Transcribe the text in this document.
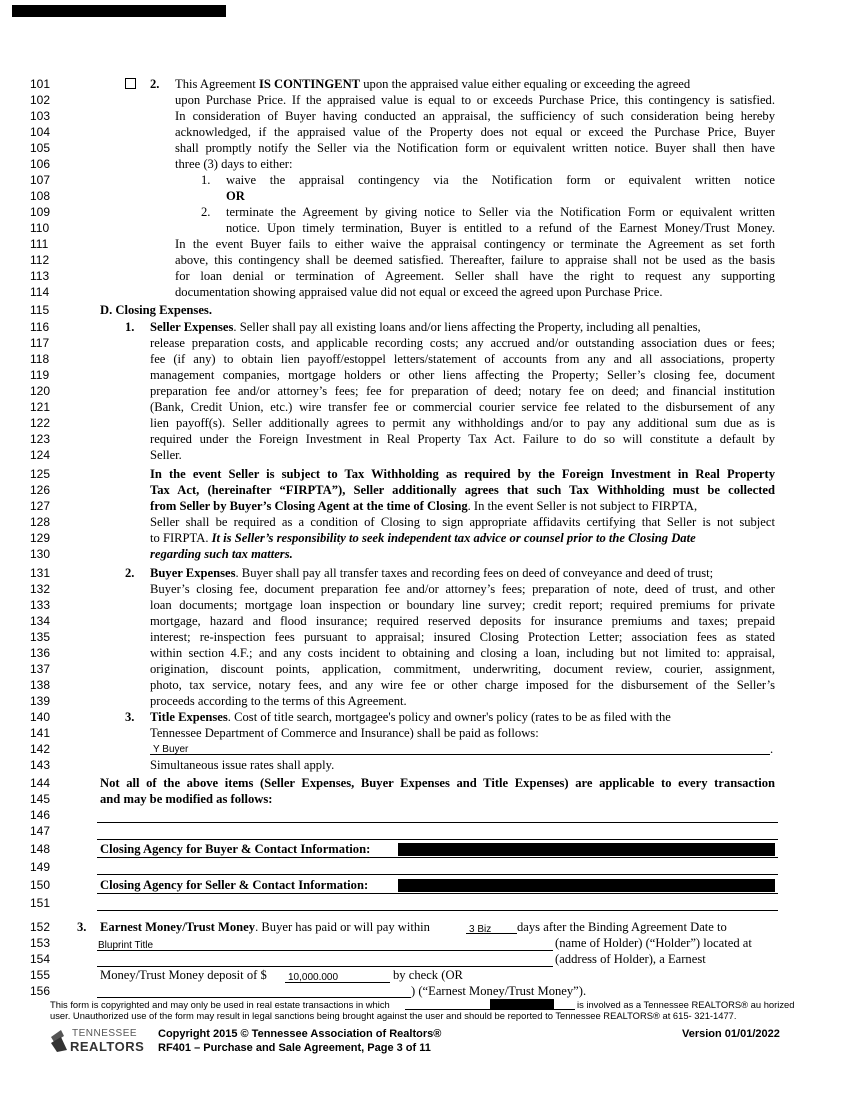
101	2. This Agreement IS CONTINGENT upon the appraised value either equaling or exceeding the agreed
102	upon Purchase Price. If the appraised value is equal to or exceeds Purchase Price, this contingency is satisfied.
103	In consideration of Buyer having conducted an appraisal, the sufficiency of such consideration being hereby
104	acknowledged, if the appraised value of the Property does not equal or exceed the Purchase Price, Buyer
105	shall promptly notify the Seller via the Notification form or equivalent written notice. Buyer shall then have
106	three (3) days to either:
107	1. waive the appraisal contingency via the Notification form or equivalent written notice
108	OR
109	2. terminate the Agreement by giving notice to Seller via the Notification Form or equivalent written
110	notice. Upon timely termination, Buyer is entitled to a refund of the Earnest Money/Trust Money.
111	In the event Buyer fails to either waive the appraisal contingency or terminate the Agreement as set forth
112	above, this contingency shall be deemed satisfied. Thereafter, failure to appraise shall not be used as the basis
113	for loan denial or termination of Agreement. Seller shall have the right to request any supporting
114	documentation showing appraised value did not equal or exceed the agreed upon Purchase Price.
115	D. Closing Expenses.
116	1. Seller Expenses. Seller shall pay all existing loans and/or liens affecting the Property, including all penalties,
117	release preparation costs, and applicable recording costs; any accrued and/or outstanding association dues or fees;
118	fee (if any) to obtain lien payoff/estoppel letters/statement of accounts from any and all associations, property
119	management companies, mortgage holders or other liens affecting the Property; Seller’s closing fee, document
120	preparation fee and/or attorney’s fees; fee for preparation of deed; notary fee on deed; and financial institution
121	(Bank, Credit Union, etc.) wire transfer fee or commercial courier service fee related to the disbursement of any
122	lien payoff(s). Seller additionally agrees to permit any withholdings and/or to pay any additional sum due as is
123	required under the Foreign Investment in Real Property Tax Act. Failure to do so will constitute a default by
124	Seller.
125	In the event Seller is subject to Tax Withholding as required by the Foreign Investment in Real Property
126	Tax Act, (hereinafter “FIRPTA”), Seller additionally agrees that such Tax Withholding must be collected
127	from Seller by Buyer’s Closing Agent at the time of Closing. In the event Seller is not subject to FIRPTA,
128	Seller shall be required as a condition of Closing to sign appropriate affidavits certifying that Seller is not subject
129	to FIRPTA. It is Seller’s responsibility to seek independent tax advice or counsel prior to the Closing Date
130	regarding such tax matters.
131	2. Buyer Expenses. Buyer shall pay all transfer taxes and recording fees on deed of conveyance and deed of trust;
132	Buyer’s closing fee, document preparation fee and/or attorney’s fees; preparation of note, deed of trust, and other
133	loan documents; mortgage loan inspection or boundary line survey; credit report; required premiums for private
134	mortgage, hazard and flood insurance; required reserved deposits for insurance premiums and taxes; prepaid
135	interest; re-inspection fees pursuant to appraisal; insured Closing Protection Letter; association fees as stated
136	within section 4.F.; and any costs incident to obtaining and closing a loan, including but not limited to: appraisal,
137	origination, discount points, application, commitment, underwriting, document review, courier, assignment,
138	photo, tax service, notary fees, and any wire fee or other charge imposed for the disbursement of the Seller’s
139	proceeds according to the terms of this Agreement.
140	3. Title Expenses. Cost of title search, mortgagee's policy and owner's policy (rates to be as filed with the
141	Tennessee Department of Commerce and Insurance) shall be paid as follows:
142	Y Buyer	.
143	Simultaneous issue rates shall apply.
144	Not all of the above items (Seller Expenses, Buyer Expenses and Title Expenses) are applicable to every transaction
145	and may be modified as follows:
146
147
148	Closing Agency for Buyer & Contact Information:
149
150	Closing Agency for Seller & Contact Information:
151
152	3. Earnest Money/Trust Money. Buyer has paid or will pay within	3 Biz days after the Binding Agreement Date to
153	Bluprint Title	(name of Holder) (“Holder”) located at
154	(address of Holder), a Earnest
155	Money/Trust Money deposit of $ 10,000.000	by check (OR
156	) (“Earnest Money/Trust Money”).
This form is copyrighted and may only be used in real estate transactions in which	is involved as a Tennessee REALTORS® au horized
user. Unauthorized use of the form may result in legal sanctions being brought against the user and should be reported to Tennessee REALTORS® at 615- 321-1477.
TENNESSEE
REALTORS
Copyright 2015 © Tennessee Association of Realtors®
RF401 – Purchase and Sale Agreement, Page 3 of 11
Version 01/01/2022
